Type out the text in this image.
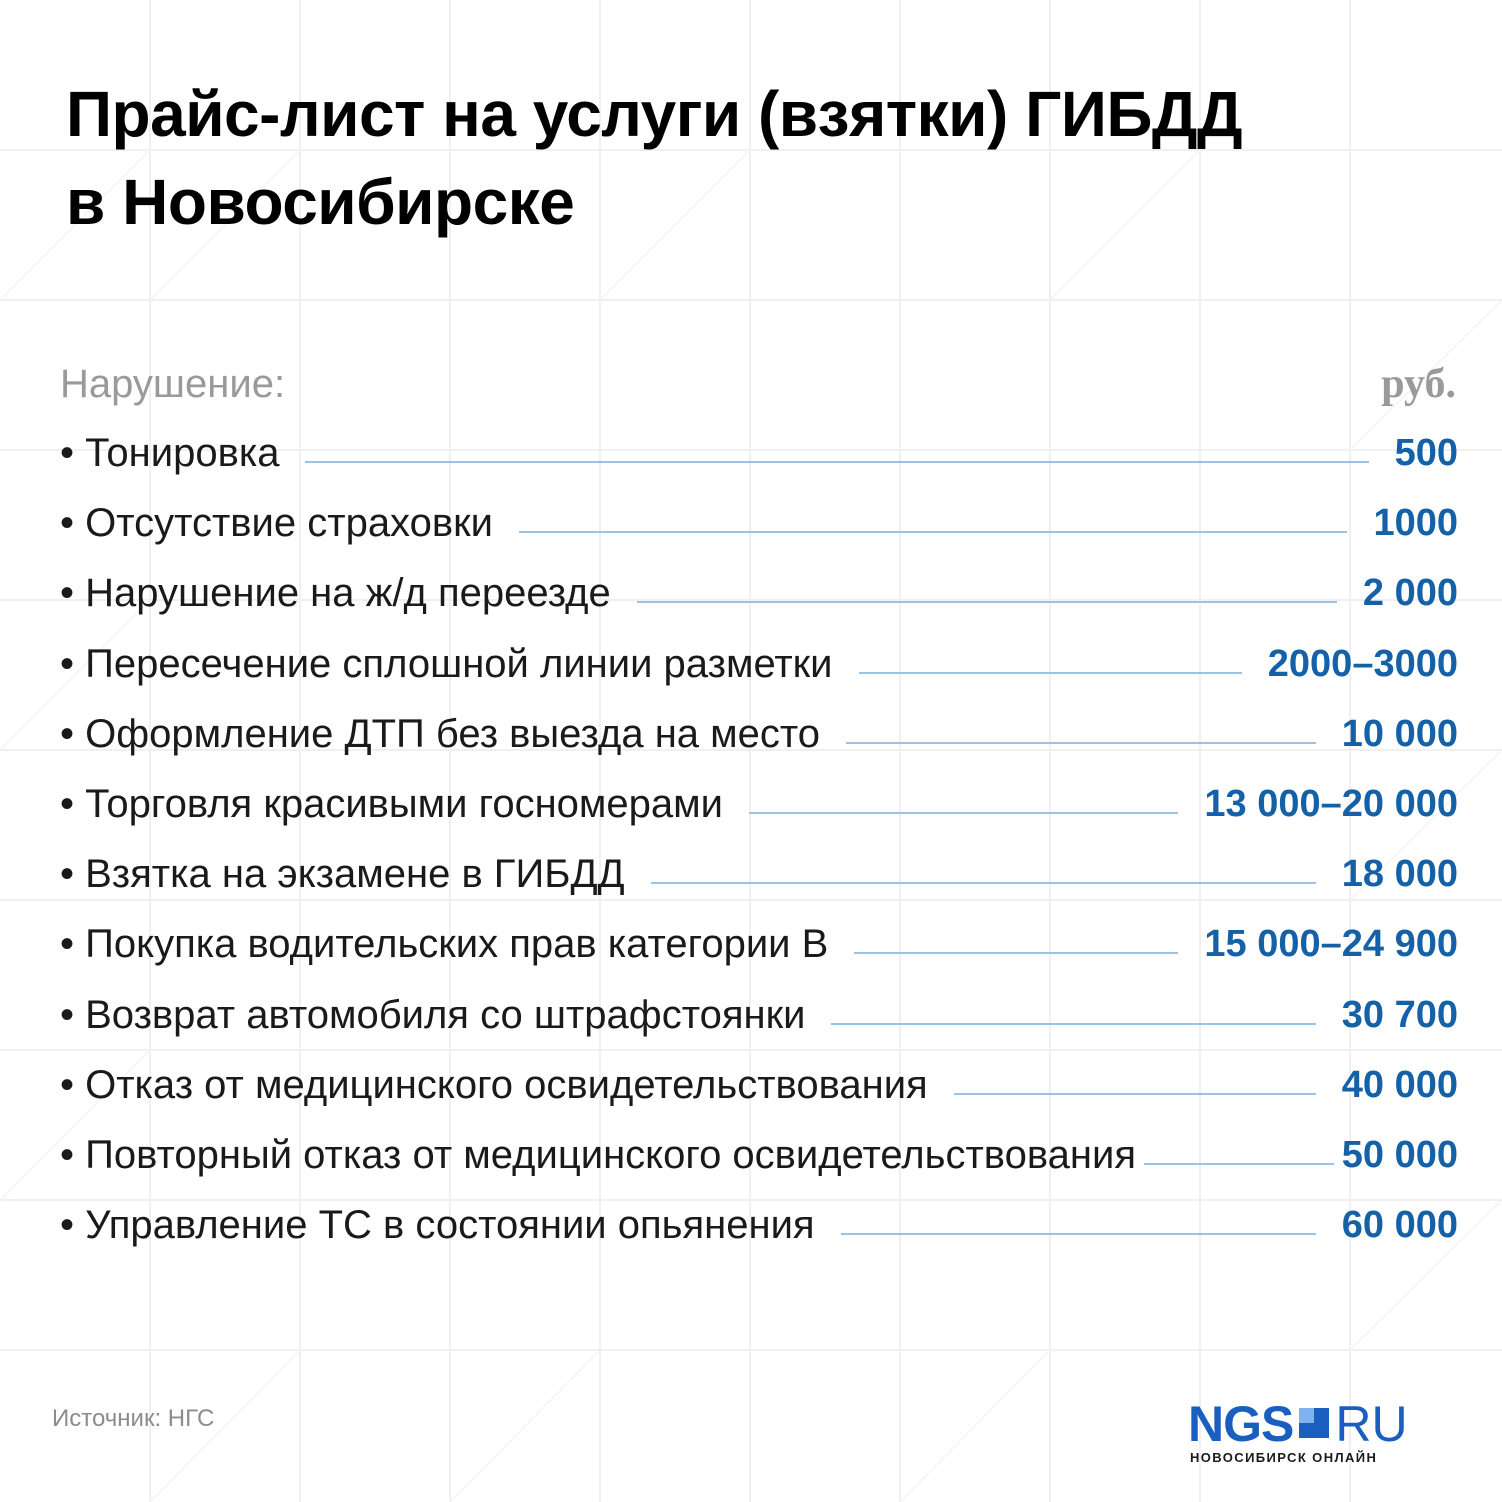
Прайс-лист на услуги (взятки) ГИБДД
в Новосибирске
Нарушение:	руб.
• Тонировка	500
• Отсутствие страховки	1000
• Нарушение на ж/д переезде	2 000
• Пересечение сплошной линии разметки	2000–3000
• Оформление ДТП без выезда на место	10 000
• Торговля красивыми госномерами	13 000–20 000
• Взятка на экзамене в ГИБДД	18 000
• Покупка водительских прав категории B	15 000–24 900
• Возврат автомобиля со штрафстоянки	30 700
• Отказ от медицинского освидетельствования	40 000
• Повторный отказ от медицинского освидетельствования	50 000
• Управление ТС в состоянии опьянения	60 000
Источник: НГС	NGS RU
НОВОСИБИРСК ОНЛАЙН
